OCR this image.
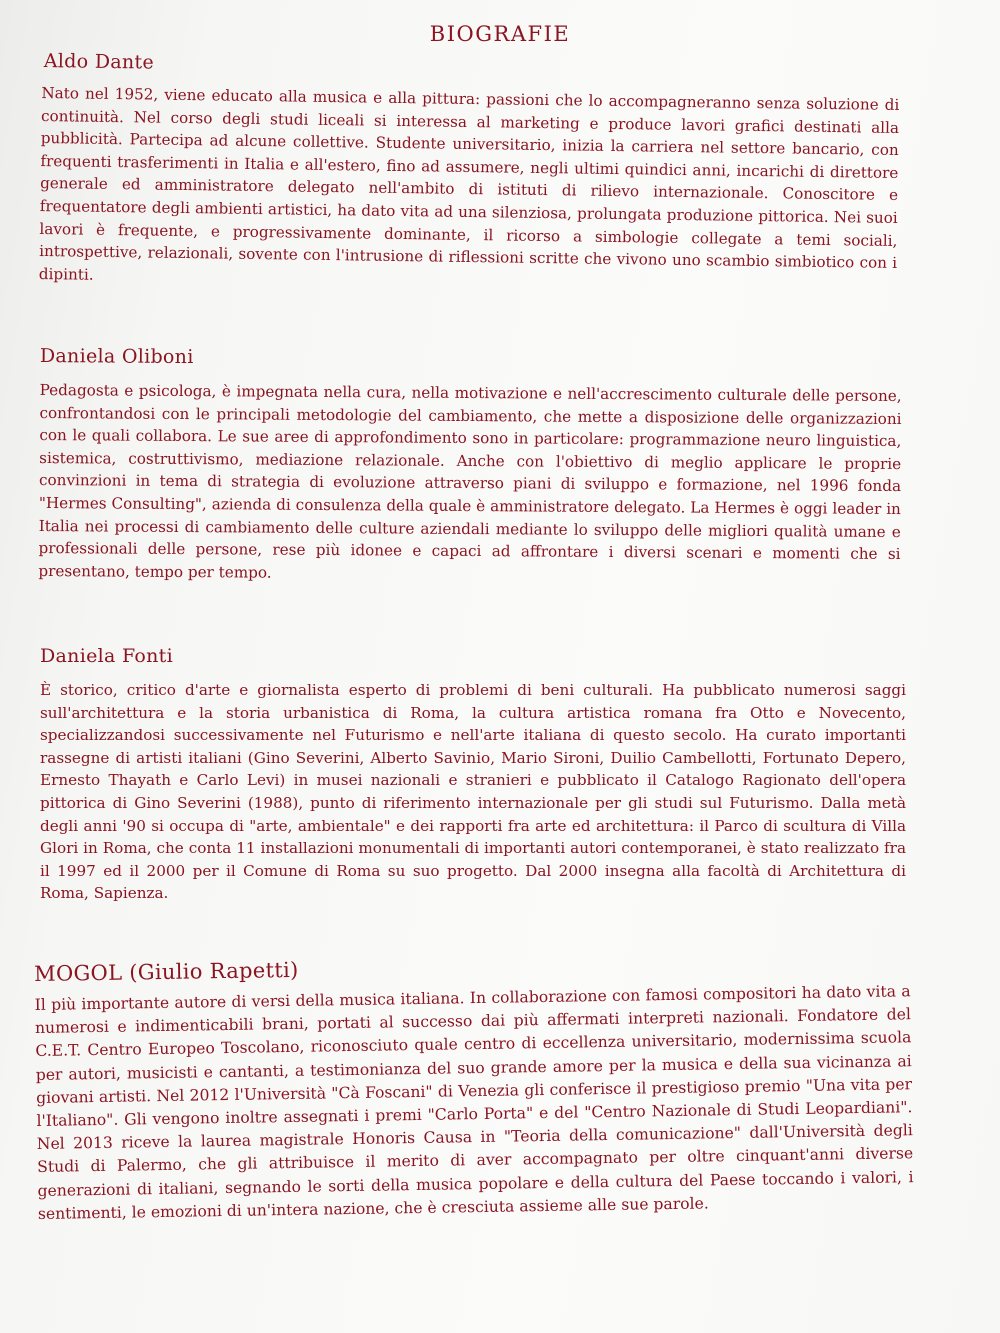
BIOGRAFIE
Aldo Dante

Nato nel 1952, viene educato alla musica e alla pittura: passioni che lo accompagneranno senza soluzione di continuità. Nel corso degli studi liceali si interessa al marketing e produce lavori grafici destinati alla pubblicità. Partecipa ad alcune collettive. Studente universitario, inizia la carriera nel settore bancario, con frequenti trasferimenti in Italia e all'estero, fino ad assumere, negli ultimi quindici anni, incarichi di direttore generale ed amministratore delegato nell'ambito di istituti di rilievo internazionale. Conoscitore e frequentatore degli ambienti artistici, ha dato vita ad una silenziosa, prolungata produzione pittorica. Nei suoi lavori è frequente, e progressivamente dominante, il ricorso a simbologie collegate a temi sociali, introspettive, relazionali, sovente con l'intrusione di riflessioni scritte che vivono uno scambio simbiotico con i dipinti.

Daniela Oliboni

Pedagosta e psicologa, è impegnata nella cura, nella motivazione e nell'accrescimento culturale delle persone, confrontandosi con le principali metodologie del cambiamento, che mette a disposizione delle organizzazioni con le quali collabora. Le sue aree di approfondimento sono in particolare: programmazione neuro linguistica, sistemica, costruttivismo, mediazione relazionale. Anche con l'obiettivo di meglio applicare le proprie convinzioni in tema di strategia di evoluzione attraverso piani di sviluppo e formazione, nel 1996 fonda "Hermes Consulting", azienda di consulenza della quale è amministratore delegato. La Hermes è oggi leader in Italia nei processi di cambiamento delle culture aziendali mediante lo sviluppo delle migliori qualità umane e professionali delle persone, rese più idonee e capaci ad affrontare i diversi scenari e momenti che si presentano, tempo per tempo.

Daniela Fonti

È storico, critico d'arte e giornalista esperto di problemi di beni culturali. Ha pubblicato numerosi saggi sull'architettura e la storia urbanistica di Roma, la cultura artistica romana fra Otto e Novecento, specializzandosi successivamente nel Futurismo e nell'arte italiana di questo secolo. Ha curato importanti rassegne di artisti italiani (Gino Severini, Alberto Savinio, Mario Sironi, Duilio Cambellotti, Fortunato Depero, Ernesto Thayath e Carlo Levi) in musei nazionali e stranieri e pubblicato il Catalogo Ragionato dell'opera pittorica di Gino Severini (1988), punto di riferimento internazionale per gli studi sul Futurismo. Dalla metà degli anni '90 si occupa di "arte, ambientale" e dei rapporti fra arte ed architettura: il Parco di scultura di Villa Glori in Roma, che conta 11 installazioni monumentali di importanti autori contemporanei, è stato realizzato fra il 1997 ed il 2000 per il Comune di Roma su suo progetto. Dal 2000 insegna alla facoltà di Architettura di Roma, Sapienza.

MOGOL (Giulio Rapetti)

Il più importante autore di versi della musica italiana. In collaborazione con famosi compositori ha dato vita a numerosi e indimenticabili brani, portati al successo dai più affermati interpreti nazionali. Fondatore del C.E.T. Centro Europeo Toscolano, riconosciuto quale centro di eccellenza universitario, modernissima scuola per autori, musicisti e cantanti, a testimonianza del suo grande amore per la musica e della sua vicinanza ai giovani artisti. Nel 2012 l'Università "Cà Foscani" di Venezia gli conferisce il prestigioso premio "Una vita per l'Italiano". Gli vengono inoltre assegnati i premi "Carlo Porta" e del "Centro Nazionale di Studi Leopardiani". Nel 2013 riceve la laurea magistrale Honoris Causa in "Teoria della comunicazione" dall'Università degli Studi di Palermo, che gli attribuisce il merito di aver accompagnato per oltre cinquant'anni diverse generazioni di italiani, segnando le sorti della musica popolare e della cultura del Paese toccando i valori, i sentimenti, le emozioni di un'intera nazione, che è cresciuta assieme alle sue parole.
